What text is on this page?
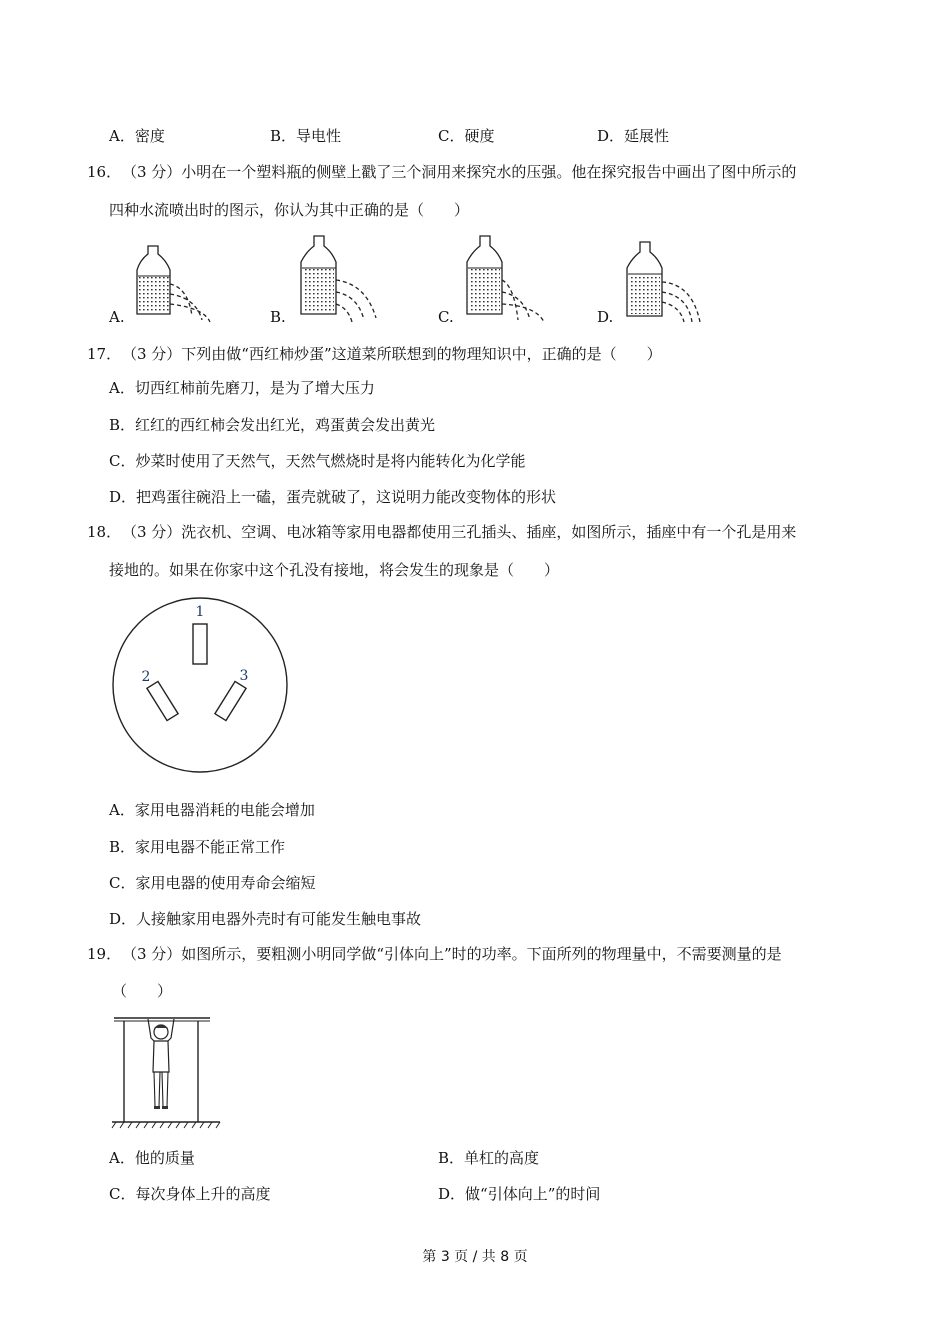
A．密度	B．导电性	C．硬度	D．延展性
16． （3 分）小明在一个塑料瓶的侧壁上戳了三个洞用来探究水的压强。他在探究报告中画出了图中所示的
四种水流喷出时的图示，你认为其中正确的是（　　）
A.	B.	C.	D.
17． （3 分）下列由做“西红柿炒蛋”这道菜所联想到的物理知识中，正确的是（　　）
A．切西红柿前先磨刀，是为了增大压力
B．红红的西红柿会发出红光，鸡蛋黄会发出黄光
C．炒菜时使用了天然气，天然气燃烧时是将内能转化为化学能
D．把鸡蛋往碗沿上一磕，蛋壳就破了，这说明力能改变物体的形状
18． （3 分）洗衣机、空调、电冰箱等家用电器都使用三孔插头、插座，如图所示，插座中有一个孔是用来
接地的。如果在你家中这个孔没有接地，将会发生的现象是（　　）
1
2	3
A．家用电器消耗的电能会增加
B．家用电器不能正常工作
C．家用电器的使用寿命会缩短
D．人接触家用电器外壳时有可能发生触电事故
19． （3 分）如图所示，要粗测小明同学做“引体向上”时的功率。下面所列的物理量中，不需要测量的是
（　　）
A．他的质量	B．单杠的高度
C．每次身体上升的高度	D．做“引体向上”的时间
第 3 页 / 共 8 页
